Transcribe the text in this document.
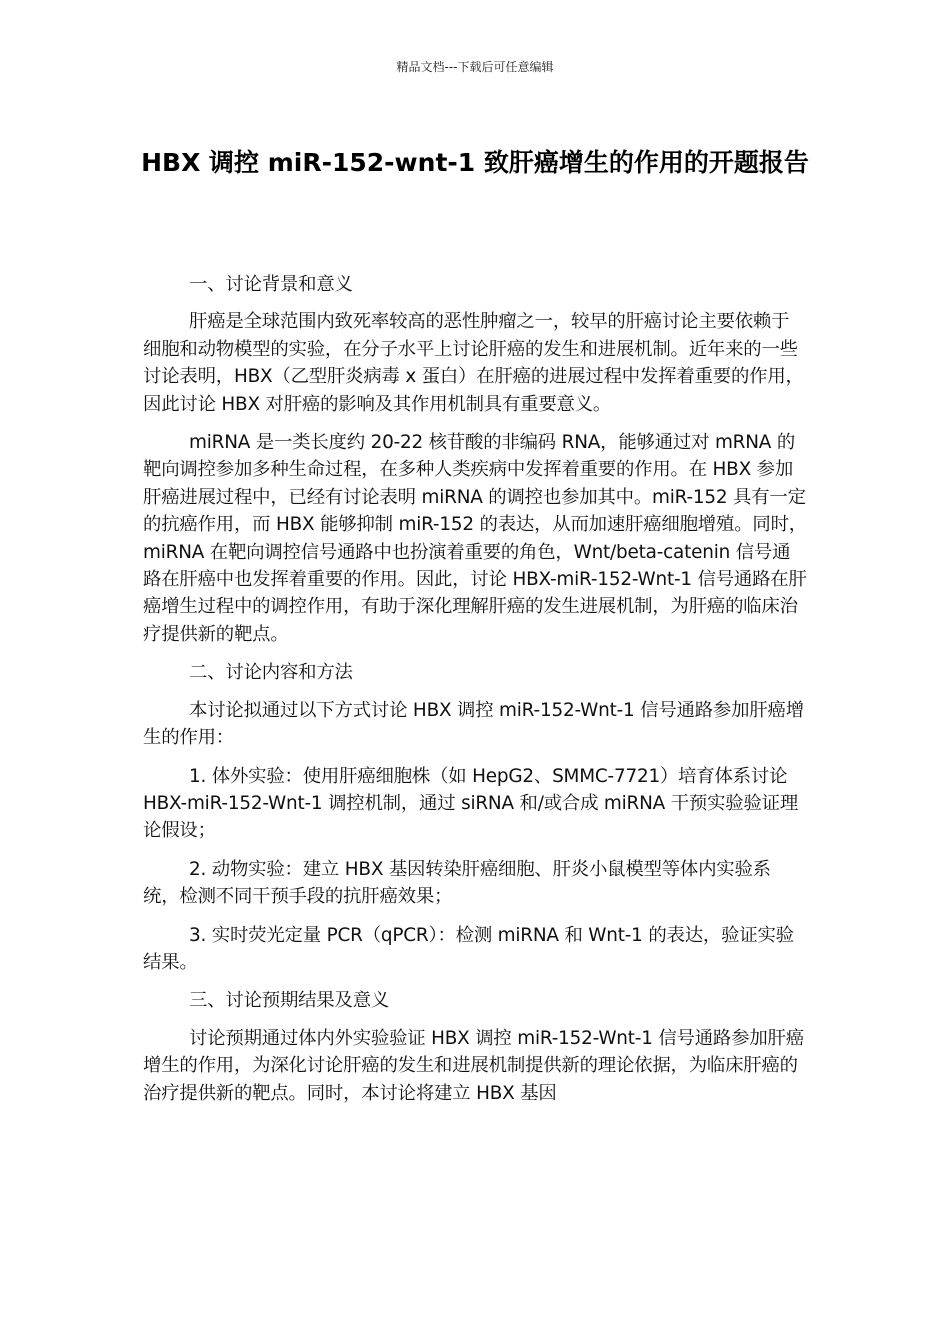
精品文档---下载后可任意编辑
HBX 调控 miR-152-wnt-1 致肝癌增生的作用的开题报告

一、讨论背景和意义

肝癌是全球范围内致死率较高的恶性肿瘤之一，较早的肝癌讨论主要依赖于细胞和动物模型的实验，在分子水平上讨论肝癌的发生和进展机制。近年来的一些讨论表明，HBX（乙型肝炎病毒 x 蛋白）在肝癌的进展过程中发挥着重要的作用，因此讨论 HBX 对肝癌的影响及其作用机制具有重要意义。

miRNA 是一类长度约 20-22 核苷酸的非编码 RNA，能够通过对 mRNA 的靶向调控参加多种生命过程，在多种人类疾病中发挥着重要的作用。在 HBX 参加肝癌进展过程中，已经有讨论表明 miRNA 的调控也参加其中。miR-152 具有一定的抗癌作用，而 HBX 能够抑制 miR-152 的表达，从而加速肝癌细胞增殖。同时，miRNA 在靶向调控信号通路中也扮演着重要的角色，Wnt/beta-catenin 信号通路在肝癌中也发挥着重要的作用。因此，讨论 HBX-miR-152-Wnt-1 信号通路在肝癌增生过程中的调控作用，有助于深化理解肝癌的发生进展机制，为肝癌的临床治疗提供新的靶点。

二、讨论内容和方法

本讨论拟通过以下方式讨论 HBX 调控 miR-152-Wnt-1 信号通路参加肝癌增生的作用：

1. 体外实验：使用肝癌细胞株（如 HepG2、SMMC-7721）培育体系讨论 HBX-miR-152-Wnt-1 调控机制，通过 siRNA 和/或合成 miRNA 干预实验验证理论假设；

2. 动物实验：建立 HBX 基因转染肝癌细胞、肝炎小鼠模型等体内实验系统，检测不同干预手段的抗肝癌效果；

3. 实时荧光定量 PCR（qPCR）：检测 miRNA 和 Wnt-1 的表达，验证实验结果。

三、讨论预期结果及意义

讨论预期通过体内外实验验证 HBX 调控 miR-152-Wnt-1 信号通路参加肝癌增生的作用，为深化讨论肝癌的发生和进展机制提供新的理论依据，为临床肝癌的治疗提供新的靶点。同时，本讨论将建立 HBX 基因
